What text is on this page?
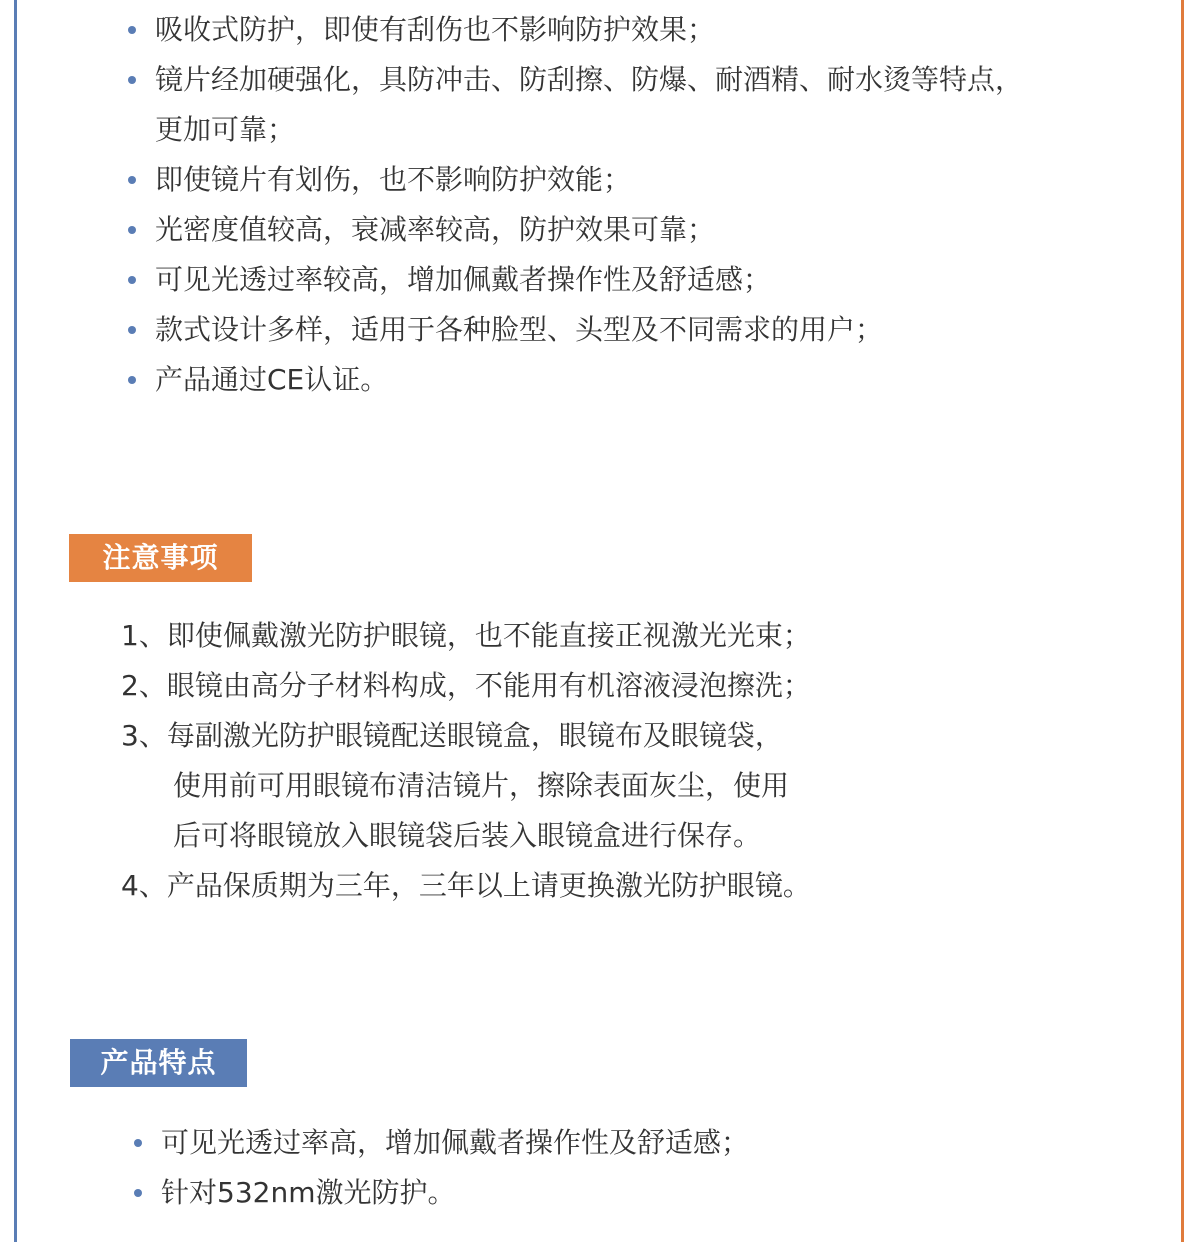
吸收式防护，即使有刮伤也不影响防护效果；
镜片经加硬强化，具防冲击、防刮擦、防爆、耐酒精、耐水烫等特点，
更加可靠；
即使镜片有划伤，也不影响防护效能；
光密度值较高，衰减率较高，防护效果可靠；
可见光透过率较高，增加佩戴者操作性及舒适感；
款式设计多样，适用于各种脸型、头型及不同需求的用户；
产品通过CE认证。
注意事项
1、即使佩戴激光防护眼镜，也不能直接正视激光光束；
2、眼镜由高分子材料构成，不能用有机溶液浸泡擦洗；
3、每副激光防护眼镜配送眼镜盒，眼镜布及眼镜袋，
使用前可用眼镜布清洁镜片，擦除表面灰尘，使用
后可将眼镜放入眼镜袋后装入眼镜盒进行保存。
4、产品保质期为三年，三年以上请更换激光防护眼镜。
产品特点
可见光透过率高，增加佩戴者操作性及舒适感；
针对532nm激光防护。
